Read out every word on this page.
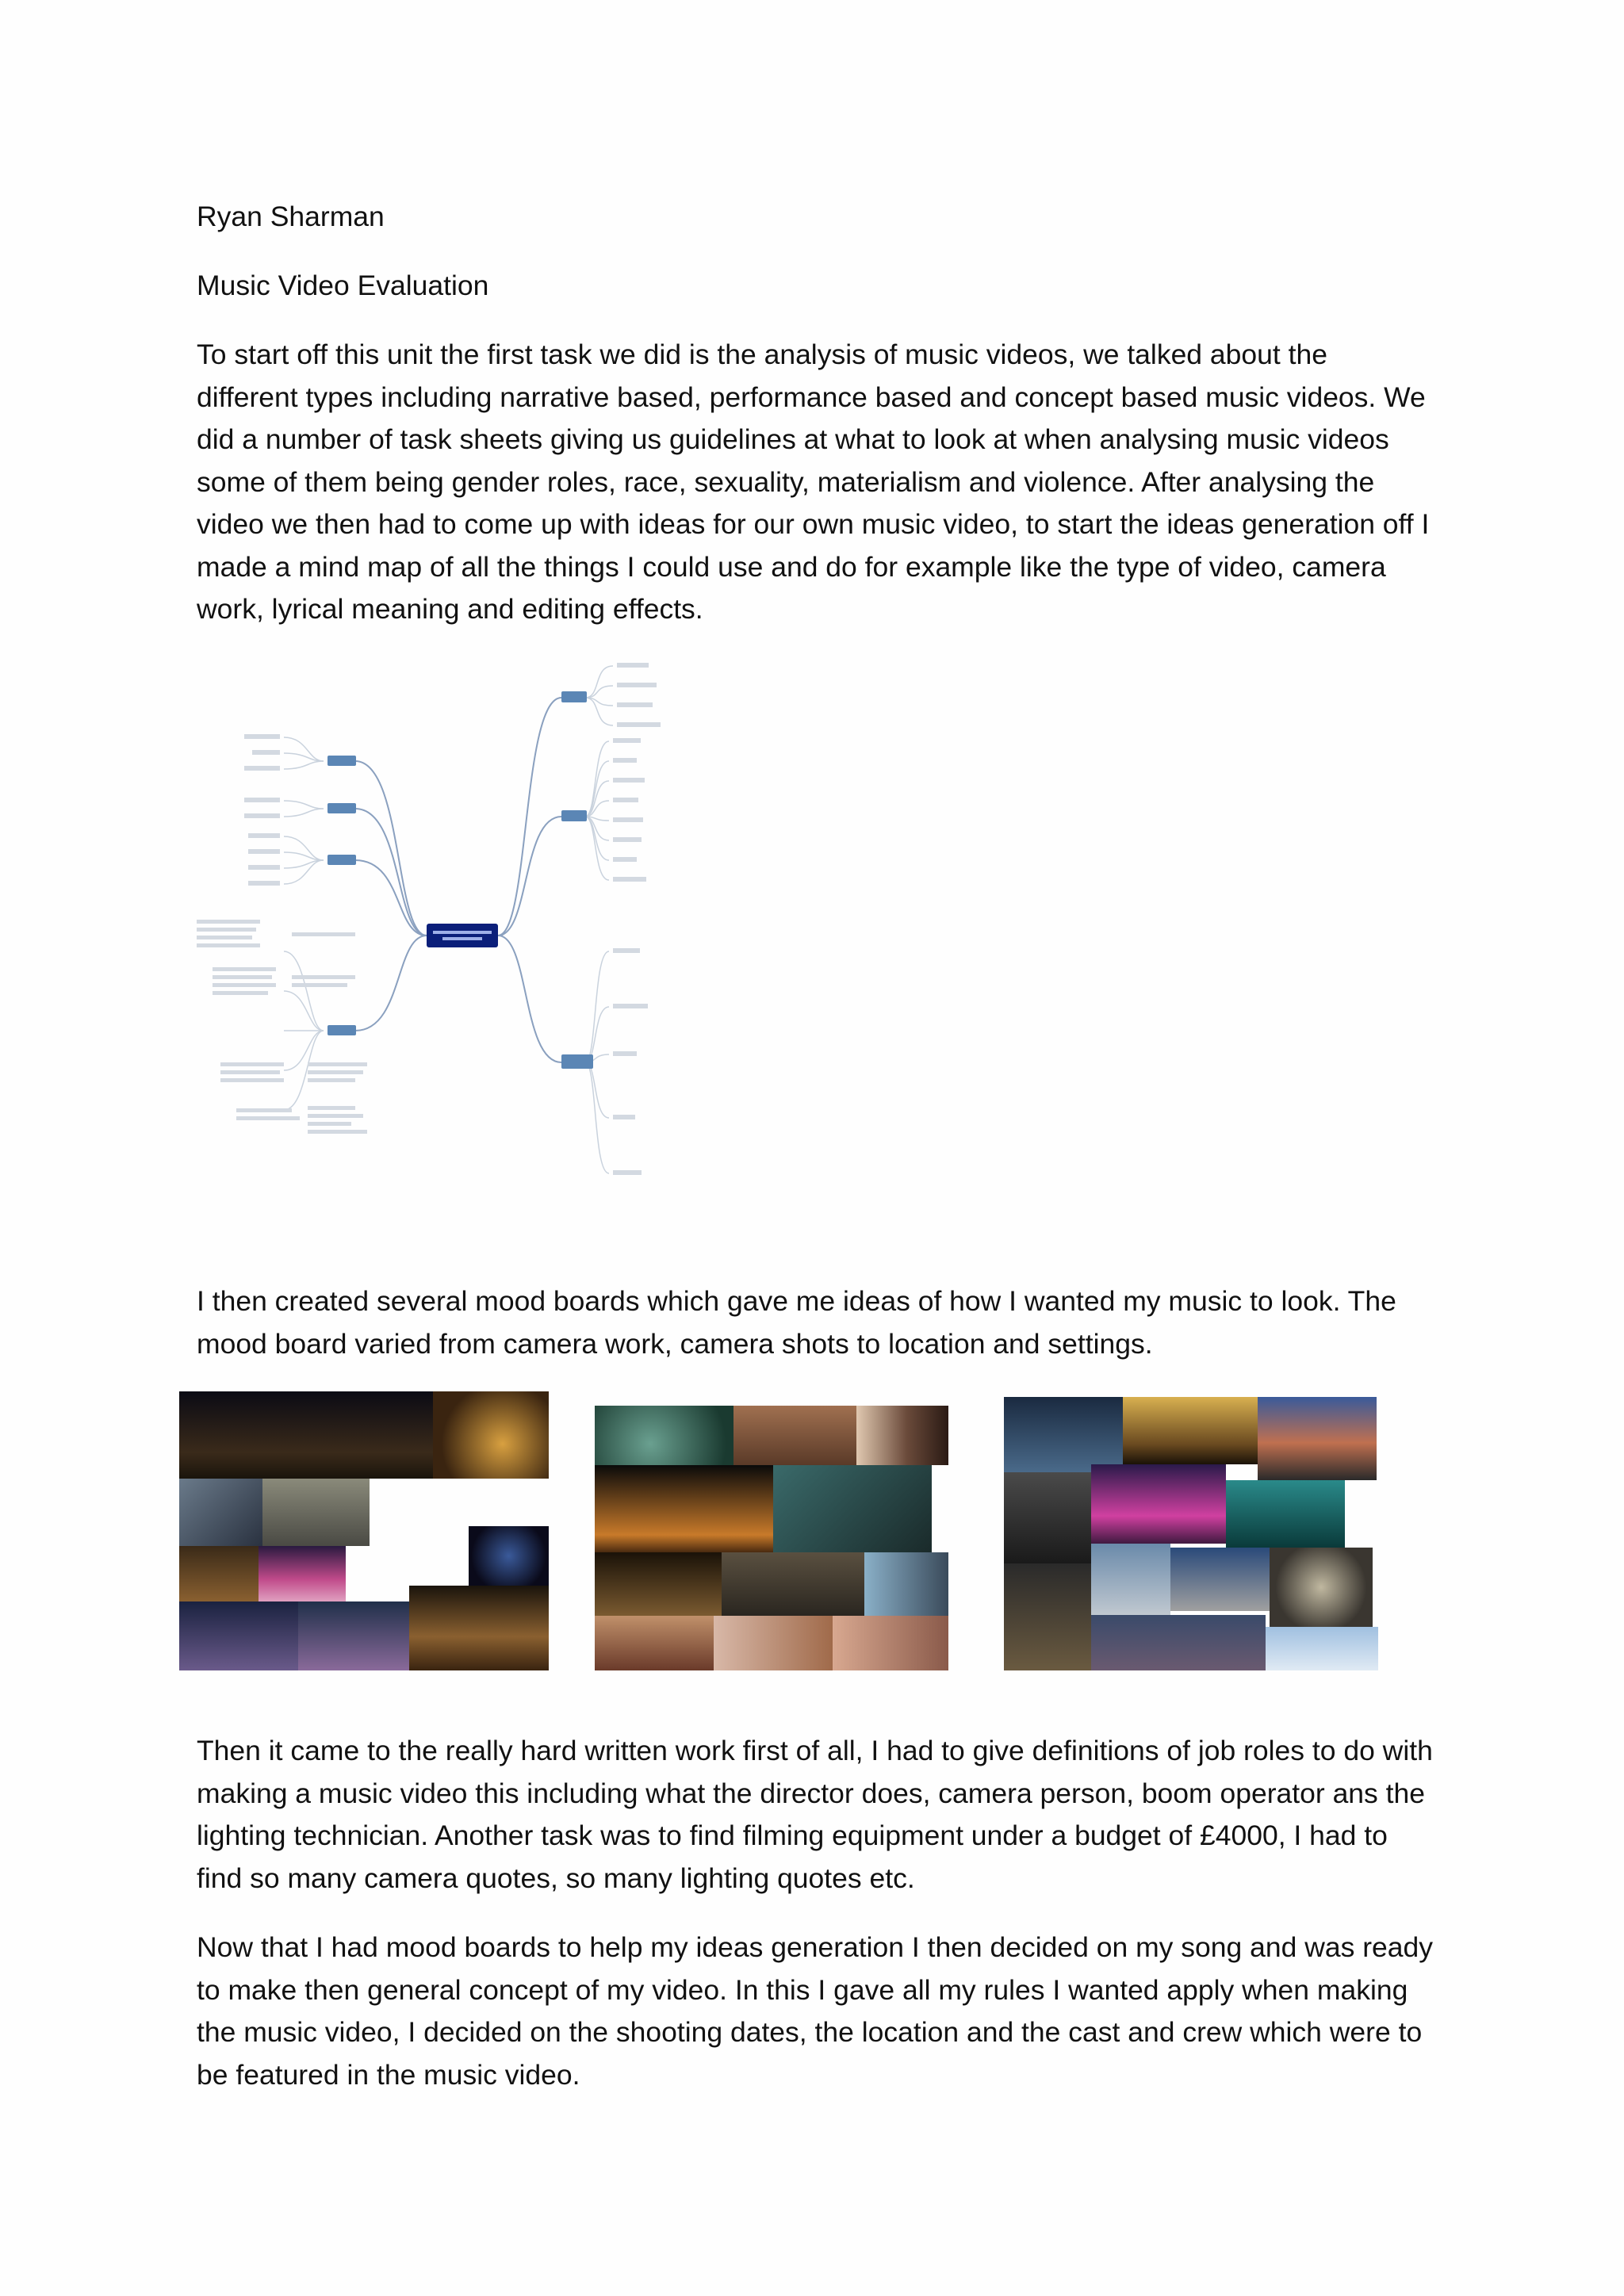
Ryan Sharman

Music Video Evaluation

To start off this unit the first task we did is the analysis of music videos, we talked about the different types including narrative based, performance based and concept based music videos. We did a number of task sheets giving us guidelines at what to look at when analysing music videos some of them being gender roles, race, sexuality, materialism and violence. After analysing the video we then had to come up with ideas for our own music video, to start the ideas generation off I made a mind map of all the things I could use and do for example like the type of video, camera work, lyrical meaning and editing effects.

I then created several mood boards which gave me ideas of how I wanted my music to look. The mood board varied from camera work, camera shots to location and settings.

Then it came to the really hard written work first of all, I had to give definitions of job roles to do with making a music video this including what the director does, camera person, boom operator ans the lighting technician. Another task was to find filming equipment under a budget of £4000, I had to find so many camera quotes, so many lighting quotes etc.

Now that I had mood boards to help my ideas generation I then decided on my song and was ready to make then general concept of my video. In this I gave all my rules I wanted apply when making the music video, I decided on the shooting dates, the location and the cast and crew which were to be featured in the music video.
